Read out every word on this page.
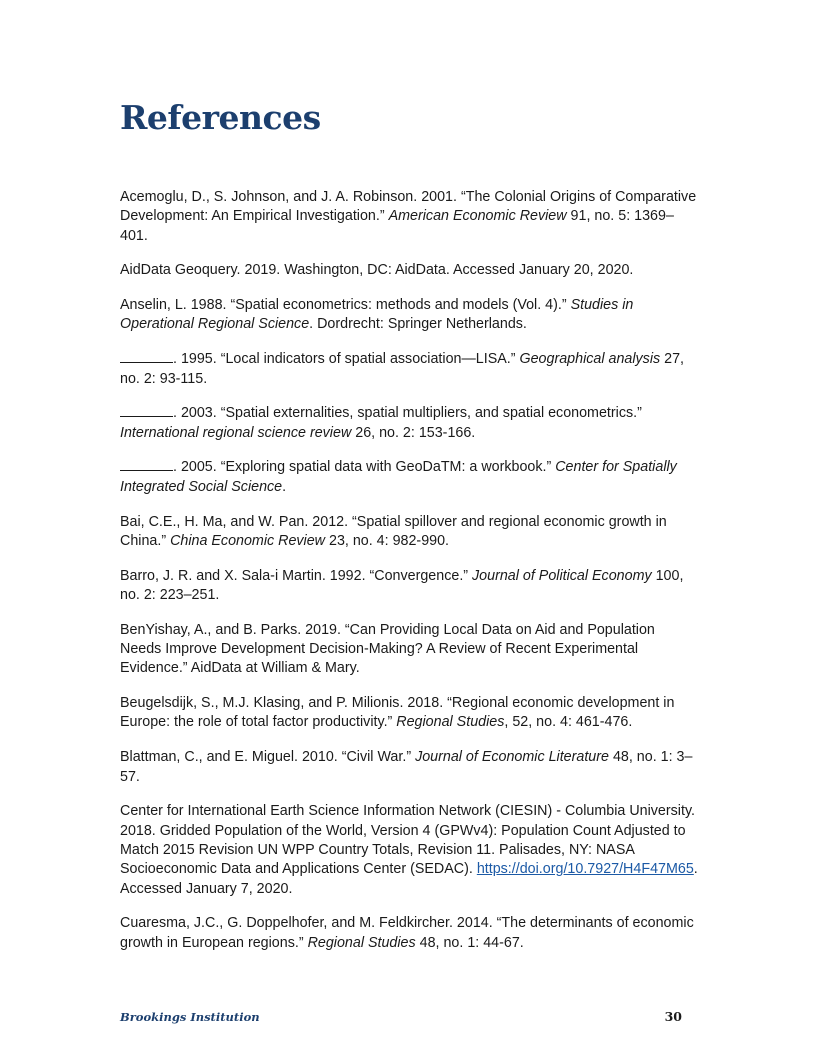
References
Acemoglu, D., S. Johnson, and J. A. Robinson. 2001. “The Colonial Origins of Comparative Development: An Empirical Investigation.” American Economic Review 91, no. 5: 1369–401.
AidData Geoquery. 2019. Washington, DC: AidData. Accessed January 20, 2020.
Anselin, L. 1988. “Spatial econometrics: methods and models (Vol. 4).” Studies in Operational Regional Science. Dordrecht: Springer Netherlands.
. 1995. “Local indicators of spatial association—LISA.” Geographical analysis 27, no. 2: 93-115.
. 2003. “Spatial externalities, spatial multipliers, and spatial econometrics.” International regional science review 26, no. 2: 153-166.
. 2005. “Exploring spatial data with GeoDaTM: a workbook.” Center for Spatially Integrated Social Science.
Bai, C.E., H. Ma, and W. Pan. 2012. “Spatial spillover and regional economic growth in China.” China Economic Review 23, no. 4: 982-990.
Barro, J. R. and X. Sala-i Martin. 1992. “Convergence.” Journal of Political Economy 100, no. 2: 223–251.
BenYishay, A., and B. Parks. 2019. “Can Providing Local Data on Aid and Population Needs Improve Development Decision-Making? A Review of Recent Experimental Evidence.” AidData at William & Mary.
Beugelsdijk, S., M.J. Klasing, and P. Milionis. 2018. “Regional economic development in Europe: the role of total factor productivity.” Regional Studies, 52, no. 4: 461-476.
Blattman, C., and E. Miguel. 2010. “Civil War.” Journal of Economic Literature 48, no. 1: 3–57.
Center for International Earth Science Information Network (CIESIN) - Columbia University. 2018. Gridded Population of the World, Version 4 (GPWv4): Population Count Adjusted to Match 2015 Revision UN WPP Country Totals, Revision 11. Palisades, NY: NASA Socioeconomic Data and Applications Center (SEDAC). https://doi.org/10.7927/H4F47M65. Accessed January 7, 2020.
Cuaresma, J.C., G. Doppelhofer, and M. Feldkircher. 2014. “The determinants of economic growth in European regions.” Regional Studies 48, no. 1: 44-67.
Brookings Institution	30
